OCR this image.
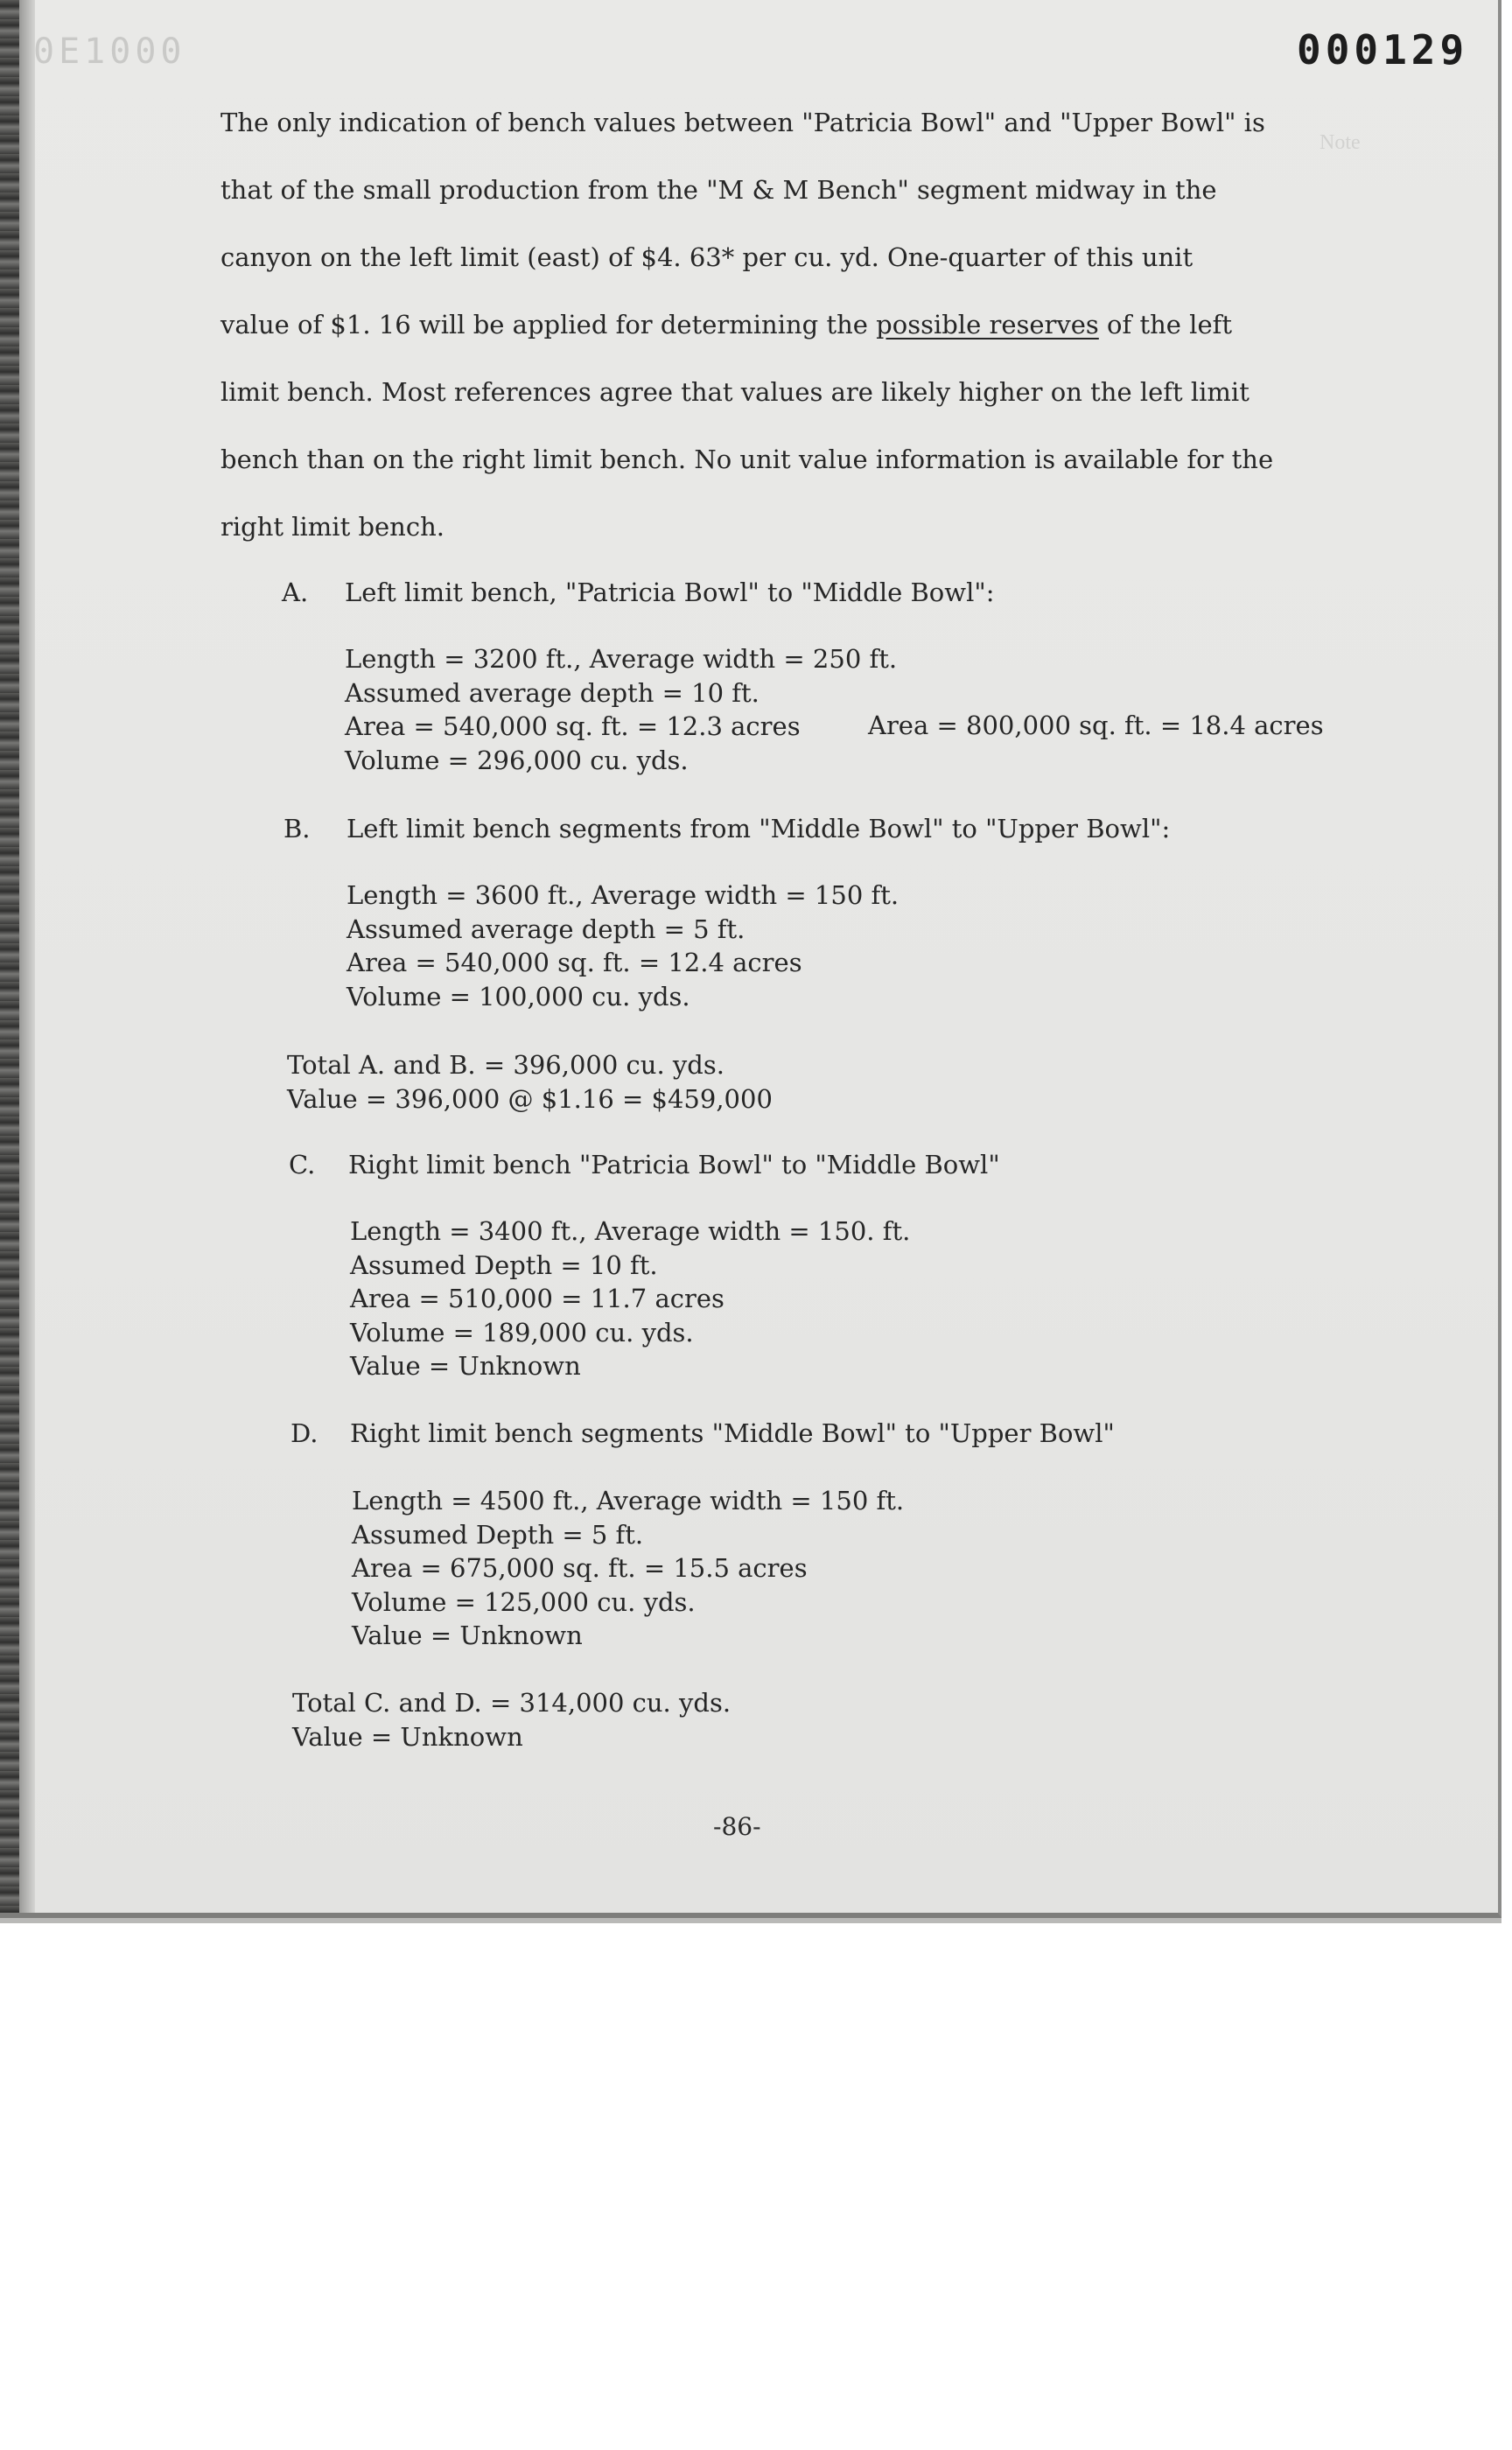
0E1000	000129
Note

The only indication of bench values between "Patricia Bowl" and "Upper Bowl" is

that of the small production from the "M & M Bench" segment midway in the

canyon on the left limit (east) of $4. 63* per cu. yd. One-quarter of this unit

value of $1. 16 will be applied for determining the possible reserves of the left

limit bench. Most references agree that values are likely higher on the left limit

bench than on the right limit bench. No unit value information is available for the

right limit bench.

A. Left limit bench, "Patricia Bowl" to "Middle Bowl":
Length = 3200 ft., Average width = 250 ft.
Assumed average depth = 10 ft.
Area = 540,000 sq. ft. = 12.3 acres
Volume = 296,000 cu. yds.
Area = 800,000 sq. ft. = 18.4 acres
B. Left limit bench segments from "Middle Bowl" to "Upper Bowl":
Length = 3600 ft., Average width = 150 ft.
Assumed average depth = 5 ft.
Area = 540,000 sq. ft. = 12.4 acres
Volume = 100,000 cu. yds.
Total A. and B. = 396,000 cu. yds.
Value = 396,000 @ $1.16 = $459,000
C. Right limit bench "Patricia Bowl" to "Middle Bowl"
Length = 3400 ft., Average width = 150. ft.
Assumed Depth = 10 ft.
Area = 510,000 = 11.7 acres
Volume = 189,000 cu. yds.
Value = Unknown
D. Right limit bench segments "Middle Bowl" to "Upper Bowl"
Length = 4500 ft., Average width = 150 ft.
Assumed Depth = 5 ft.
Area = 675,000 sq. ft. = 15.5 acres
Volume = 125,000 cu. yds.
Value = Unknown
Total C. and D. = 314,000 cu. yds.
Value = Unknown
-86-
